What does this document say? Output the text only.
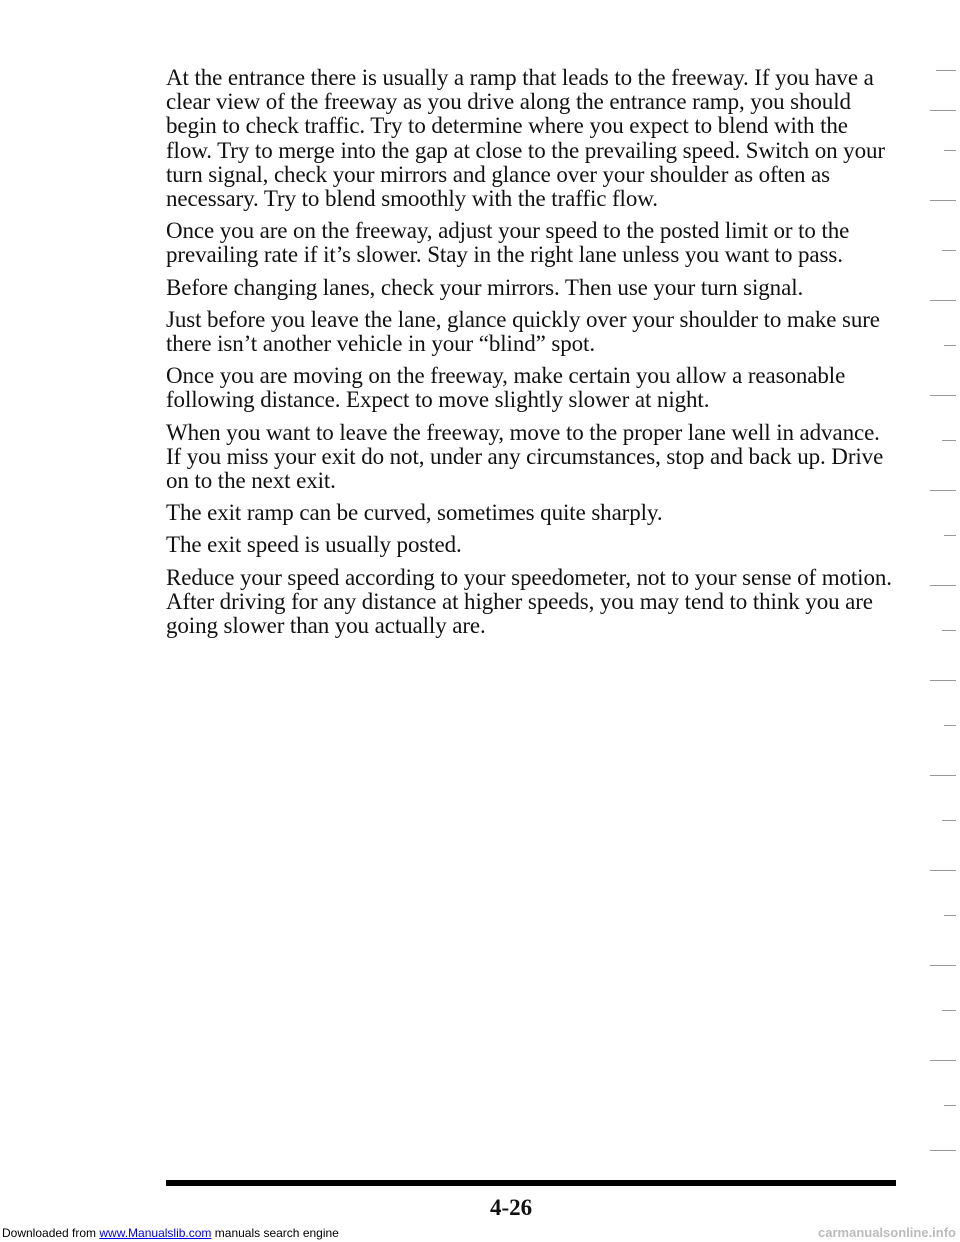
At the entrance there is usually a ramp that leads to the freeway. If you have a clear view of the freeway as you drive along the entrance ramp, you should begin to check traffic. Try to determine where you expect to blend with the flow. Try to merge into the gap at close to the prevailing speed. Switch on your turn signal, check your mirrors and glance over your shoulder as often as necessary. Try to blend smoothly with the traffic flow.

Once you are on the freeway, adjust your speed to the posted limit or to the prevailing rate if it’s slower. Stay in the right lane unless you want to pass.

Before changing lanes, check your mirrors. Then use your turn signal.

Just before you leave the lane, glance quickly over your shoulder to make sure there isn’t another vehicle in your “blind” spot.

Once you are moving on the freeway, make certain you allow a reasonable following distance. Expect to move slightly slower at night.

When you want to leave the freeway, move to the proper lane well in advance. If you miss your exit do not, under any circumstances, stop and back up. Drive on to the next exit.

The exit ramp can be curved, sometimes quite sharply.

The exit speed is usually posted.

Reduce your speed according to your speedometer, not to your sense of motion. After driving for any distance at higher speeds, you may tend to think you are going slower than you actually are.

4-26
Downloaded from www.Manualslib.com manuals search engine	carmanualsonline.info
